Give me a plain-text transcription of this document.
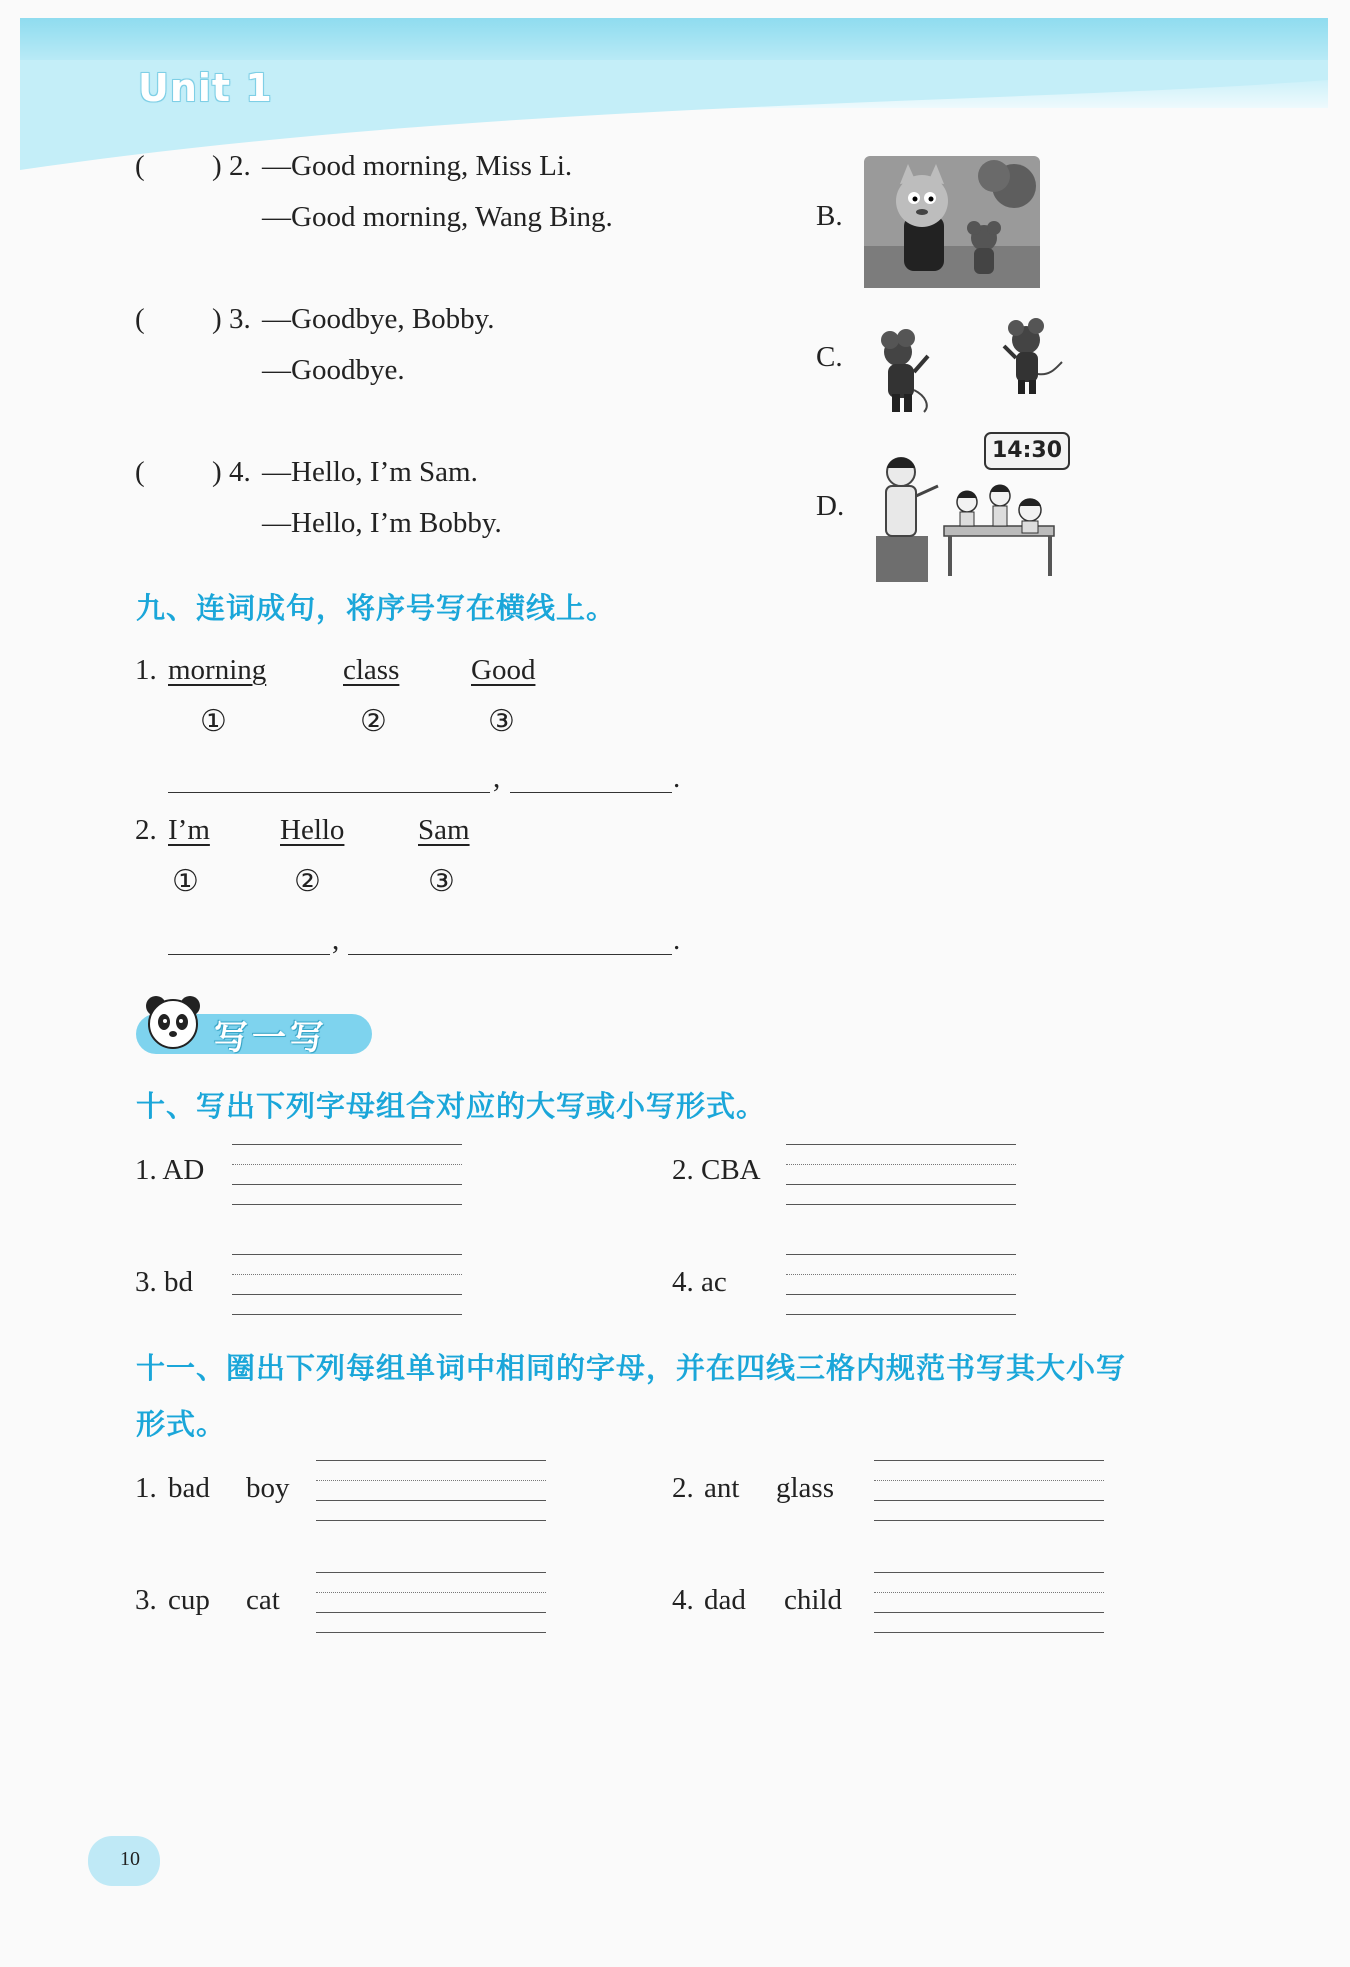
Unit 1
( ) 2. —Good morning, Miss Li.
—Good morning, Wang Bing.
( ) 3. —Goodbye, Bobby.
—Goodbye.
( ) 4. —Hello, I’m Sam.
—Hello, I’m Bobby.
B.
C.
D.
14:30
九、连词成句，将序号写在横线上。
1. morning	class Good
①	②	③
,	.
2. I’m Hello	Sam
①	②	③
,	.
写一写
十、写出下列字母组合对应的大写或小写形式。
1. AD	2. CBA
3. bd	4. ac
十一、圈出下列每组单词中相同的字母，并在四线三格内规范书写其大小写
形式。
1. bad boy	2. ant glass
3. cup cat	4. dad child
10
